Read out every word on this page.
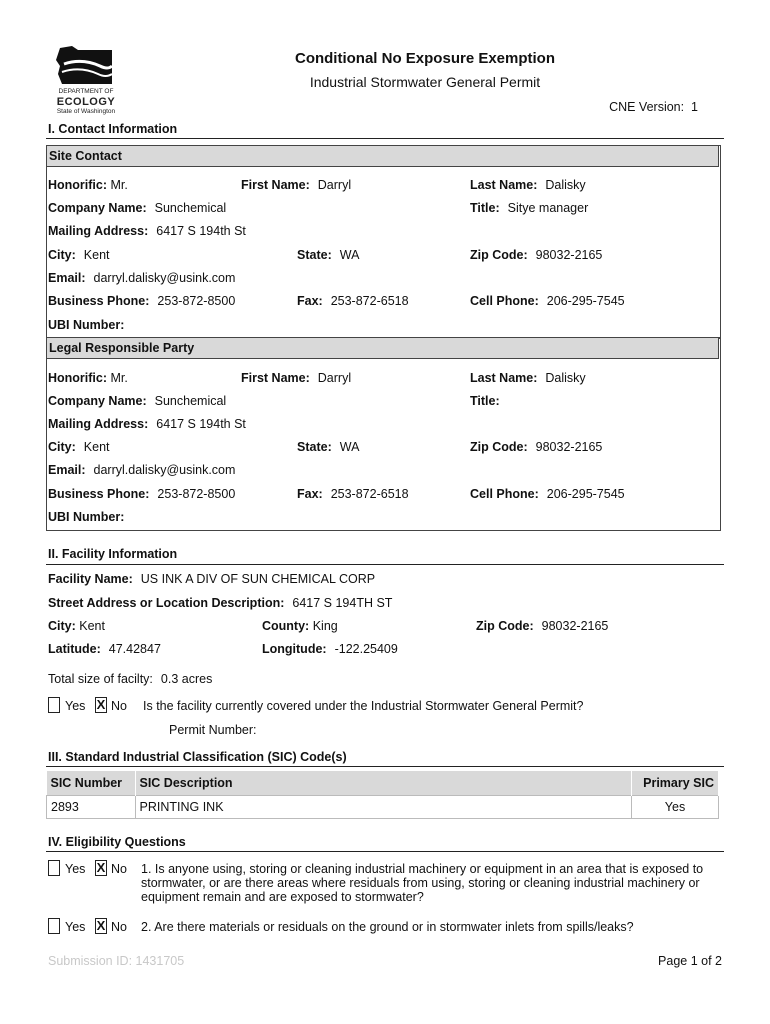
DEPARTMENT OF
ECOLOGY
State of Washington
Conditional No Exposure Exemption
Industrial Stormwater General Permit
CNE Version: 1
I. Contact Information
Site Contact
Honorific: Mr.	First Name: Darryl	Last Name: Dalisky
Company Name: Sunchemical	Title: Sitye manager
Mailing Address: 6417 S 194th St
City: Kent	State: WA	Zip Code: 98032-2165
Email: darryl.dalisky@usink.com
Business Phone: 253-872-8500	Fax: 253-872-6518	Cell Phone: 206-295-7545
UBI Number:
Legal Responsible Party
Honorific: Mr.	First Name: Darryl	Last Name: Dalisky
Company Name: Sunchemical	Title:
Mailing Address: 6417 S 194th St
City: Kent	State: WA	Zip Code: 98032-2165
Email: darryl.dalisky@usink.com
Business Phone: 253-872-8500	Fax: 253-872-6518	Cell Phone: 206-295-7545
UBI Number:
II. Facility Information
Facility Name: US INK A DIV OF SUN CHEMICAL CORP
Street Address or Location Description: 6417 S 194TH ST
City: Kent	County: King	Zip Code: 98032-2165
Latitude: 47.42847	Longitude: -122.25409
Total size of facilty: 0.3 acres
Yes X No Is the facility currently covered under the Industrial Stormwater General Permit?
Permit Number:
III. Standard Industrial Classification (SIC) Code(s)
SIC Number	SIC Description	Primary SIC
2893	PRINTING INK	Yes
IV. Eligibility Questions
Yes X No 1. Is anyone using, storing or cleaning industrial machinery or equipment in an area that is exposed to stormwater, or are there areas where residuals from using, storing or cleaning industrial machinery or equipment remain and are exposed to stormwater?
Yes X No 2. Are there materials or residuals on the ground or in stormwater inlets from spills/leaks?
Submission ID: 1431705	Page 1 of 2
